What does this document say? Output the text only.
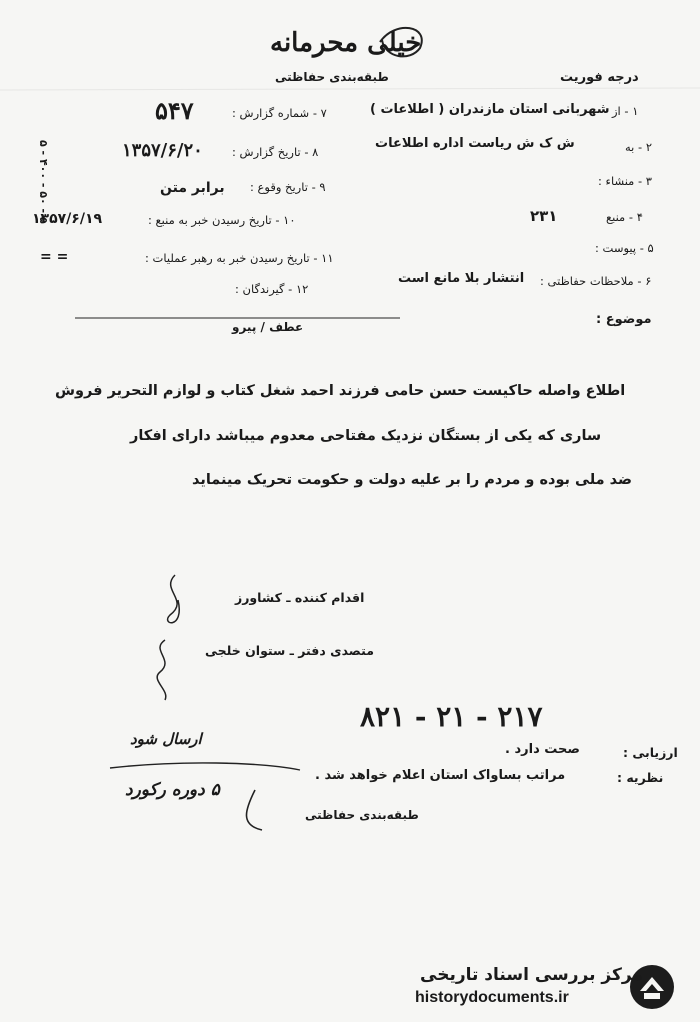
۵ - ۴۰۰ - ۵۰ - ۵
خیلی محرمانه
طبقه‌بندی حفاظتی	درجه فوریت
۱ - از
شهربانی استان مازندران ( اطلاعات )
۲ - به
ش ک ش ریاست اداره اطلاعات
۳ - منشاء :
۴ - منبع
۲۳۱
۵ - پیوست :
۶ - ملاحظات حفاظتی :
انتشار بلا مانع است
۷ - شماره گزارش :
۵۴۷
۸ - تاریخ گزارش :
۱۳۵۷/۶/۲۰
۹ - تاریخ وقوع :
برابر متن
۱۰ - تاریخ رسیدن خبر به منبع :
۱۳۵۷/۶/۱۹
۱۱ - تاریخ رسیدن خبر به رهبر عملیات :
= =
۱۲ - گیرندگان :
موضوع :
عطف / پیرو
اطلاع واصله حاکیست حسن حامی فرزند احمد شغل کتاب و لوازم التحریر فروش
ساری که یکی از بستگان نزدیک مفتاحی معدوم میباشد دارای افکار
ضد ملی بوده و مردم را بر علیه دولت و حکومت تحریک مینماید
اقدام کننده ـ کشاورز
متصدی دفتر ـ ستوان خلجی
۸۲۱ - ۲۱ - ۲۱۷
ارزیابی :
صحت دارد .
نظریه :
مراتب بساواک استان اعلام خواهد شد .
طبقه‌بندی حفاظتی
ارسال شود
۵ دوره رکورد
مرکز بررسی اسناد تاریخی
historydocuments.ir
